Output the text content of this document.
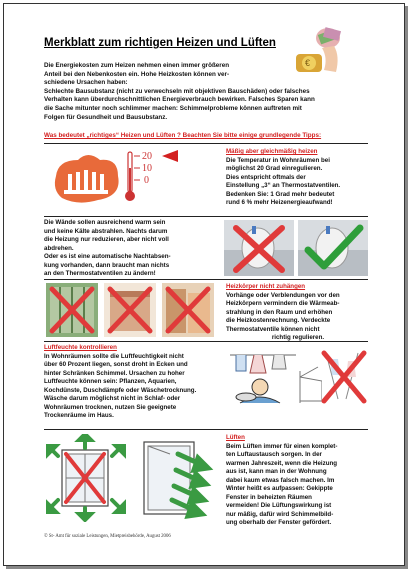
Merkblatt zum richtigen Heizen und Lüften
€

Die Energiekosten zum Heizen nehmen einen immer größeren

Anteil bei den Nebenkosten ein. Hohe Heizkosten können ver-

schiedene Ursachen haben:

Schlechte Bausubstanz (nicht zu verwechseln mit objektiven Bauschäden) oder falsches

Verhalten kann überdurchschnittlichen Energieverbrauch bewirken. Falsches Sparen kann

die Sache mitunter noch schlimmer machen: Schimmelprobleme können auftreten mit

Folgen für Gesundheit und Bausubstanz.

Was bedeutet „richtiges“ Heizen und Lüften ? Beachten Sie bitte einige grundlegende Tipps:
20
10
0

Mäßig aber gleichmäßig heizen

Die Temperatur in Wohnräumen bei

möglichst 20 Grad einregulieren.

Dies entspricht oftmals der

Einstellung „3“ an Thermostatventilen.

Bedenken Sie: 1 Grad mehr bedeutet

rund 6 % mehr Heizenergieaufwand!

Die Wände sollen ausreichend warm sein

und keine Kälte abstrahlen. Nachts darum

die Heizung nur reduzieren, aber nicht voll

abdrehen.

Oder es ist eine automatische Nachtabsen-

kung vorhanden, dann braucht man nichts

an den Thermostatventilen zu ändern!

Heizkörper nicht zuhängen

Vorhänge oder Verblendungen vor den

Heizkörpern vermindern die Wärmeab-

strahlung in den Raum und erhöhen

die Heizkostenrechnung. Verdeckte

Thermostatventile können nicht

richtig regulieren.

Luftfeuchte kontrollieren

In Wohnräumen sollte die Luftfeuchtigkeit nicht

über 60 Prozent liegen, sonst droht in Ecken und

hinter Schränken Schimmel. Ursachen zu hoher

Luftfeuchte können sein: Pflanzen, Aquarien,

Kochdünste, Duschdämpfe oder Wäschetrocknung.

Wäsche darum möglichst nicht in Schlaf- oder

Wohnräumen trocknen, nutzen Sie geeignete

Trockenräume im Haus.

Lüften

Beim Lüften immer für einen komplet-

ten Luftaustausch sorgen. In der

warmen Jahreszeit, wenn die Heizung

aus ist, kann man in der Wohnung

dabei kaum etwas falsch machen. Im

Winter heißt es aufpassen: Gekippte

Fenster in beheizten Räumen

vermeiden! Die Lüftungswirkung ist

nur mäßig, dafür wird Schimmelbild-

ung oberhalb der Fenster gefördert.

© St- Amt für soziale Leistungen, Mietpreisbehörde, August 2006
